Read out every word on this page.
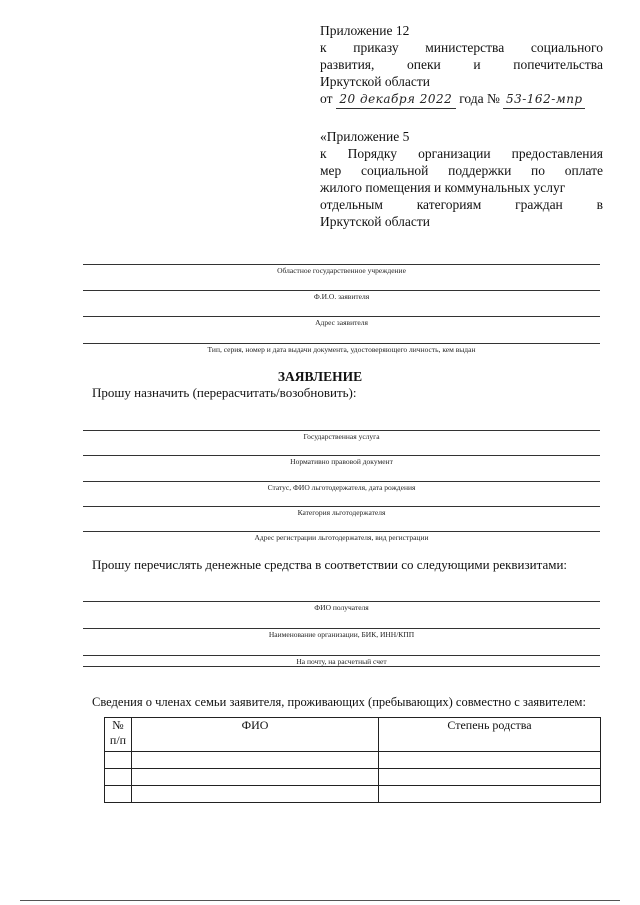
Приложение 12
к приказу министерства социального
развития, опеки и попечительства
Иркутской области
от 20 декабря 2022 года № 53-162-мпр
«Приложение 5
к Порядку организации предоставления
мер социальной поддержки по оплате
жилого помещения и коммунальных услуг
отдельным	категориям	граждан	в
Иркутской области
Областное государственное учреждение
Ф.И.О. заявителя
Адрес заявителя
Тип, серия, номер и дата выдачи документа, удостоверяющего личность, кем выдан
ЗАЯВЛЕНИЕ
Прошу назначить (перерасчитать/возобновить):
Государственная услуга
Нормативно правовой документ
Статус, ФИО льготодержателя, дата рождения
Категория льготодержателя
Адрес регистрации льготодержателя, вид регистрации
Прошу перечислять денежные средства в соответствии со следующими реквизитами:
ФИО получателя
Наименование организации, БИК, ИНН/КПП
На почту, на расчетный счет
Сведения о членах семьи заявителя, проживающих (пребывающих) совместно с заявителем:
№
п/п	ФИО	Степень родства
